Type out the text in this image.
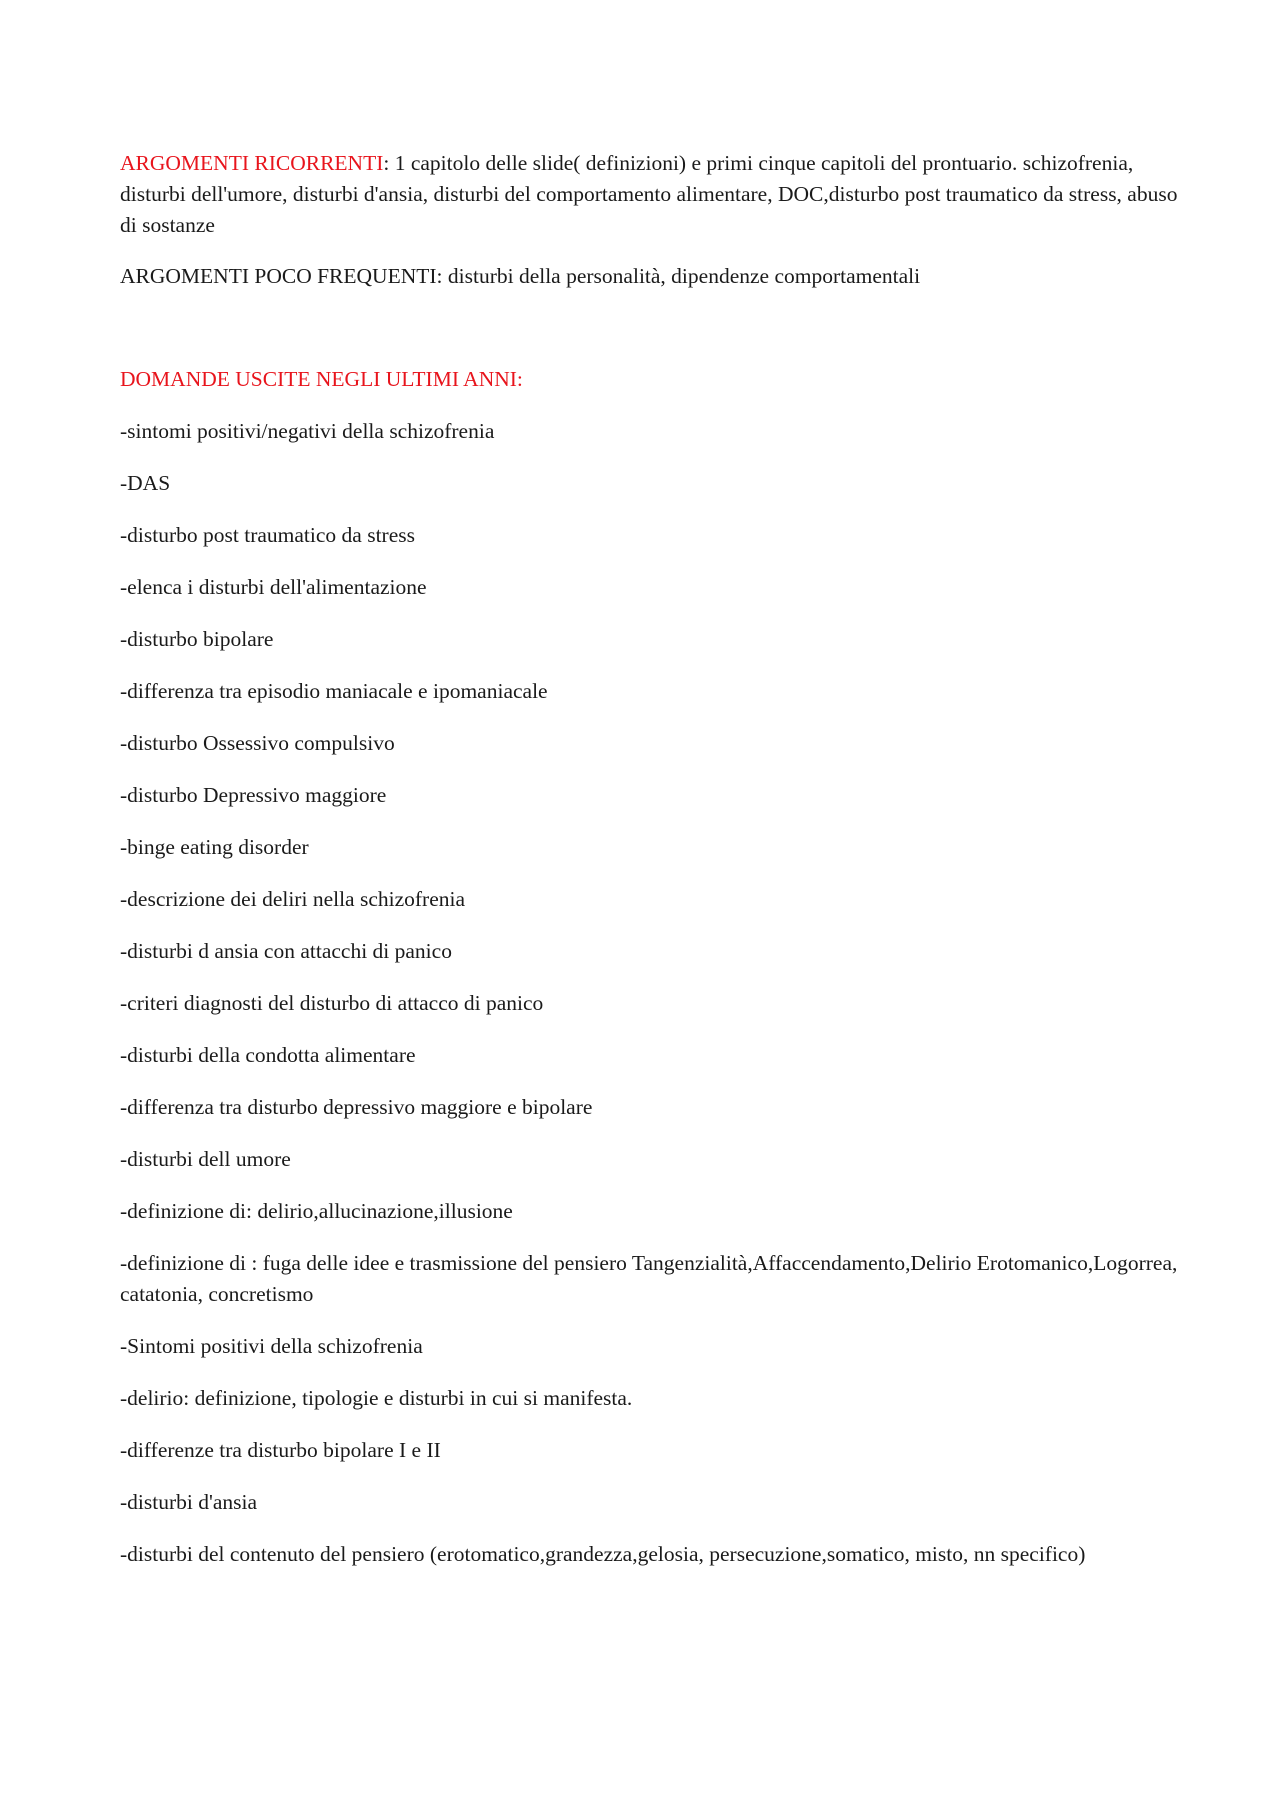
ARGOMENTI RICORRENTI: 1 capitolo delle slide( definizioni) e primi cinque capitoli del prontuario. schizofrenia, disturbi dell'umore, disturbi d'ansia, disturbi del comportamento alimentare, DOC,disturbo post traumatico da stress, abuso di sostanze

ARGOMENTI POCO FREQUENTI: disturbi della personalità, dipendenze comportamentali

DOMANDE USCITE NEGLI ULTIMI ANNI:

-sintomi positivi/negativi della schizofrenia

-DAS

-disturbo post traumatico da stress

-elenca i disturbi dell'alimentazione

-disturbo bipolare

-differenza tra episodio maniacale e ipomaniacale

-disturbo Ossessivo compulsivo

-disturbo Depressivo maggiore

-binge eating disorder

-descrizione dei deliri nella schizofrenia

-disturbi d ansia con attacchi di panico

-criteri diagnosti del disturbo di attacco di panico

-disturbi della condotta alimentare

-differenza tra disturbo depressivo maggiore e bipolare

-disturbi dell umore

-definizione di: delirio,allucinazione,illusione

-definizione di : fuga delle idee e trasmissione del pensiero Tangenzialità,Affaccendamento,Delirio Erotomanico,Logorrea, catatonia, concretismo

-Sintomi positivi della schizofrenia

-delirio: definizione, tipologie e disturbi in cui si manifesta.

-differenze tra disturbo bipolare I e II

-disturbi d'ansia

-disturbi del contenuto del pensiero (erotomatico,grandezza,gelosia, persecuzione,somatico, misto, nn specifico)
